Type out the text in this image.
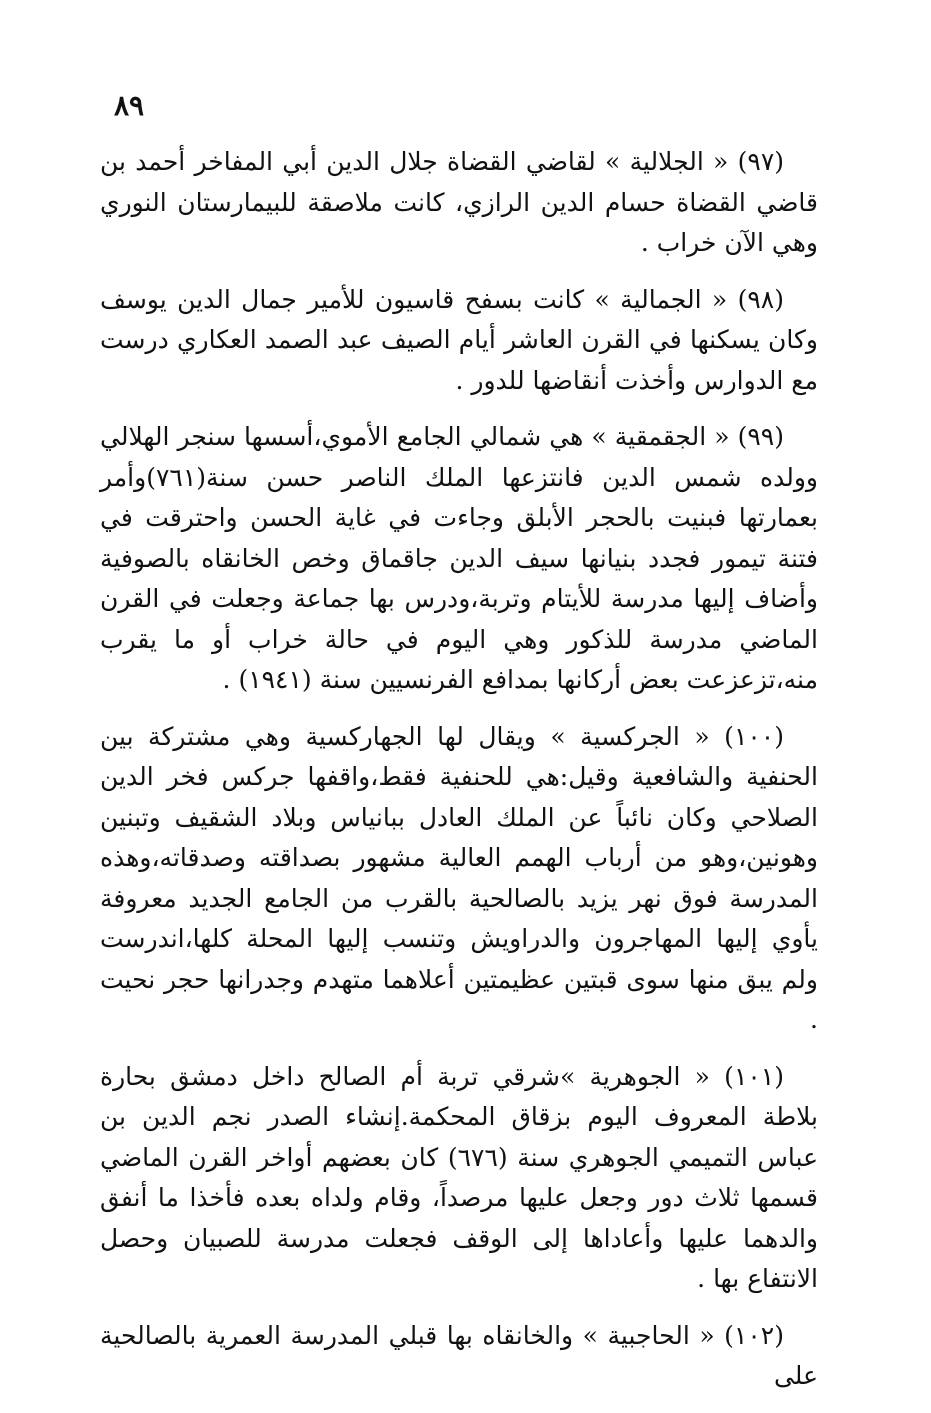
٨٩

(٩٧) « الجلالية » لقاضي القضاة جلال الدين أبي المفاخر أحمد بن قاضي القضاة حسام الدين الرازي، كانت ملاصقة للبيمارستان النوري وهي الآن خراب .

(٩٨) « الجمالية » كانت بسفح قاسيون للأمير جمال الدين يوسف وكان يسكنها في القرن العاشر أيام الصيف عبد الصمد العكاري درست مع الدوارس وأخذت أنقاضها للدور .

(٩٩) « الجقمقية » هي شمالي الجامع الأموي،أسسها سنجر الهلالي وولده شمس الدين فانتزعها الملك الناصر حسن سنة(٧٦١)وأمر بعمارتها فبنيت بالحجر الأبلق وجاءت في غاية الحسن واحترقت في فتنة تيمور فجدد بنيانها سيف الدين جاقماق وخص الخانقاه بالصوفية وأضاف إليها مدرسة للأيتام وتربة،ودرس بها جماعة وجعلت في القرن الماضي مدرسة للذكور وهي اليوم في حالة خراب أو ما يقرب منه،تزعزعت بعض أركانها بمدافع الفرنسيين سنة (١٩٤١) .

(١٠٠) « الجركسية » ويقال لها الجهاركسية وهي مشتركة بين الحنفية والشافعية وقيل:هي للحنفية فقط،واقفها جركس فخر الدين الصلاحي وكان نائباً عن الملك العادل ببانياس وبلاد الشقيف وتبنين وهونين،وهو من أرباب الهمم العالية مشهور بصداقته وصدقاته،وهذه المدرسة فوق نهر يزيد بالصالحية بالقرب من الجامع الجديد معروفة يأوي إليها المهاجرون والدراويش وتنسب إليها المحلة كلها،اندرست ولم يبق منها سوى قبتين عظيمتين أعلاهما متهدم وجدرانها حجر نحيت .

(١٠١) « الجوهرية »شرقي تربة أم الصالح داخل دمشق بحارة بلاطة المعروف اليوم بزقاق المحكمة.إنشاء الصدر نجم الدين بن عباس التميمي الجوهري سنة (٦٧٦) كان بعضهم أواخر القرن الماضي قسمها ثلاث دور وجعل عليها مرصداً، وقام ولداه بعده فأخذا ما أنفق والدهما عليها وأعاداها إلى الوقف فجعلت مدرسة للصبيان وحصل الانتفاع بها .

(١٠٢) « الحاجبية » والخانقاه بها قبلي المدرسة العمرية بالصالحية على
